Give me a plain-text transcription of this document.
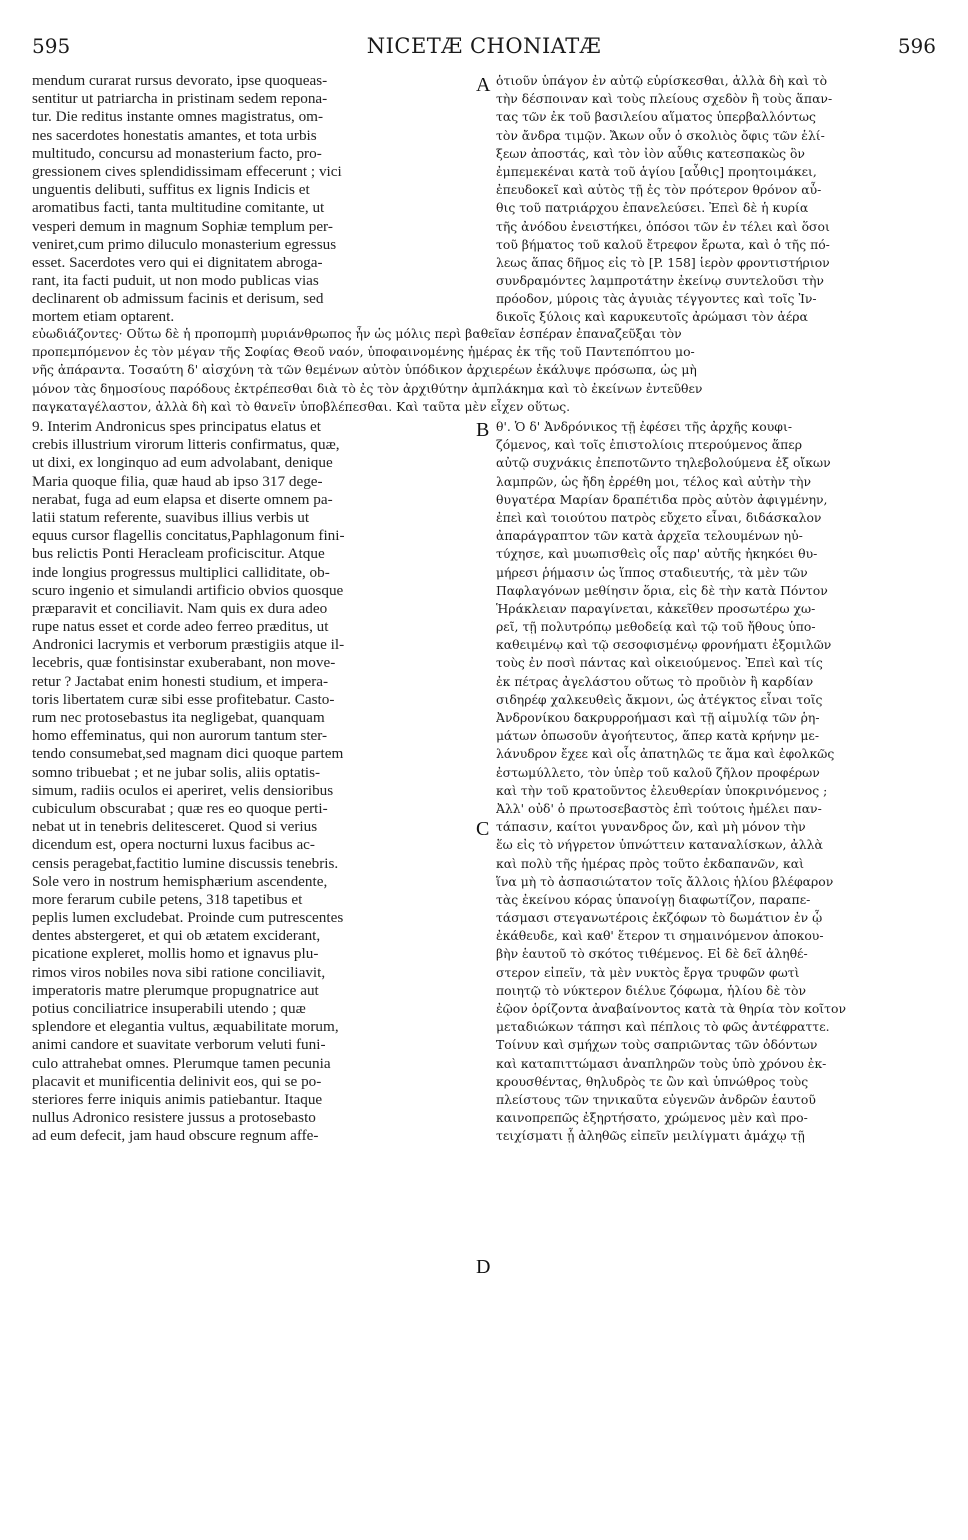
595	NICETÆ CHONIATÆ	596
mendum curarat rursus devorato, ipse quoqueas-
sentitur ut patriarcha in pristinam sedem repona-
tur. Die reditus instante omnes magistratus, om-
nes sacerdotes honestatis amantes, et tota urbis
multitudo, concursu ad monasterium facto, pro-
gressionem cives splendidissimam effecerunt ; vici
unguentis delibuti, suffitus ex lignis Indicis et
aromatibus facti, tanta multitudine comitante, ut
vesperi demum in magnum Sophiæ templum per-
veniret,cum primo diluculo monasterium egressus
esset. Sacerdotes vero qui ei dignitatem abroga-
rant, ita facti puduit, ut non modo publicas vias
declinarent ob admissum facinis et derisum, sed
mortem etiam optarent.
ὁτιοῦν ὑπάγον ἐν αὐτῷ εὑρίσκεσθαι, ἀλλὰ δὴ καὶ τὸ
τὴν δέσποιναν καὶ τοὺς πλείους σχεδὸν ἢ τοὺς ἅπαν-
τας τῶν ἐκ τοῦ βασιλείου αἵματος ὑπερβαλλόντως
τὸν ἄνδρα τιμῷν. Ἄκων οὖν ὁ σκολιὸς ὄφις τῶν ἑλί-
ξεων ἀποστάς, καὶ τὸν ἰὸν αὖθις κατεσπακὼς ὃν
ἐμπεμεκέναι κατὰ τοῦ ἁγίου [αὖθις] προητοιμάκει,
ἐπευδοκεῖ καὶ αὐτὸς τῇ ἐς τὸν πρότερον θρόνον αὖ-
θις τοῦ πατριάρχου ἐπανελεύσει. Ἐπεὶ δὲ ἡ κυρία
τῆς ἀνόδου ἐνειστήκει, ὁπόσοι τῶν ἐν τέλει καὶ ὅσοι
τοῦ βήματος τοῦ καλοῦ ἔτρεφον ἔρωτα, καὶ ὁ τῆς πό-
λεως ἅπας δῆμος εἰς τὸ [P. 158] ἱερὸν φροντιστήριον
συνδραμόντες λαμπροτάτην ἐκείνῳ συντελοῦσι τὴν
πρόοδον, μύροις τὰς ἀγυιὰς τέγγοντες καὶ τοῖς Ἰν-
δικοῖς ξύλοις καὶ καρυκευτοῖς ἀρώμασι τὸν ἀέρα
εὐωδιάζοντες· Οὕτω δὲ ἡ προπομπὴ μυριάνθρωπος ἦν ὡς μόλις περὶ βαθεῖαν ἑσπέραν ἐπαναζεῦξαι τὸν
προπεμπόμενον ἐς τὸν μέγαν τῆς Σοφίας Θεοῦ ναόν, ὑποφαινομένης ἡμέρας ἐκ τῆς τοῦ Παντεπόπτου μο-
νῆς ἀπάραντα. Τοσαύτη δ' αἰσχύνη τὰ τῶν θεμένων αὐτὸν ὑπόδικον ἀρχιερέων ἐκάλυψε πρόσωπα, ὡς μὴ
μόνον τὰς δημοσίους παρόδους ἐκτρέπεσθαι διὰ τὸ ἐς τὸν ἀρχιθύτην ἀμπλάκημα καὶ τὸ ἐκείνων ἐντεῦθεν
παγκαταγέλαστον, ἀλλὰ δὴ καὶ τὸ θανεῖν ὑποβλέπεσθαι. Καὶ ταῦτα μὲν εἶχεν οὕτως.
9. Interim Andronicus spes principatus elatus et
crebis illustrium virorum litteris confirmatus, quæ,
ut dixi, ex longinquo ad eum advolabant, denique
Maria quoque filia, quæ haud ab ipso 317 dege-
nerabat, fuga ad eum elapsa et diserte omnem pa-
latii statum referente, suavibus illius verbis ut
equus cursor flagellis concitatus,Paphlagonum fini-
bus relictis Ponti Heracleam proficiscitur. Atque
inde longius progressus multiplici calliditate, ob-
scuro ingenio et simulandi artificio obvios quosque
præparavit et conciliavit. Nam quis ex dura adeo
rupe natus esset et corde adeo ferreo præditus, ut
Andronici lacrymis et verborum præstigiis atque il-
lecebris, quæ fontisinstar exuberabant, non move-
retur ? Jactabat enim honesti studium, et impera-
toris libertatem curæ sibi esse profitebatur. Casto-
rum nec protosebastus ita negligebat, quanquam
homo effeminatus, qui non aurorum tantum ster-
tendo consumebat,sed magnam dici quoque partem
somno tribuebat ; et ne jubar solis, aliis optatis-
simum, radiis oculos ei aperiret, velis densioribus
cubiculum obscurabat ; quæ res eo quoque perti-
nebat ut in tenebris delitesceret. Quod si verius
dicendum est, opera nocturni luxus facibus ac-
censis peragebat,factitio lumine discussis tenebris.
Sole vero in nostrum hemisphærium ascendente,
more ferarum cubile petens, 318 tapetibus et
peplis lumen excludebat. Proinde cum putrescentes
dentes abstergeret, et qui ob ætatem exciderant,
picatione expleret, mollis homo et ignavus plu-
rimos viros nobiles nova sibi ratione conciliavit,
imperatoris matre plerumque propugnatrice aut
potius conciliatrice insuperabili utendo ; quæ
splendore et elegantia vultus, æquabilitate morum,
animi candore et suavitate verborum veluti funi-
culo attrahebat omnes. Plerumque tamen pecunia
placavit et munificentia delinivit eos, qui se po-
steriores ferre iniquis animis patiebantur. Itaque
nullus Adronico resistere jussus a protosebasto
ad eum defecit, jam haud obscure regnum affe-
θ'. Ὁ δ' Ἀνδρόνικος τῇ ἐφέσει τῆς ἀρχῆς κουφι-
ζόμενος, καὶ τοῖς ἐπιστολίοις πτερούμενος ἅπερ
αὐτῷ συχνάκις ἐπεποτῶντο τηλεβολούμενα ἐξ οἴκων
λαμπρῶν, ὡς ἤδη ἐρρέθη μοι, τέλος καὶ αὐτὴν τὴν
θυγατέρα Μαρίαν δραπέτιδα πρὸς αὐτὸν ἀφιγμένην,
ἐπεὶ καὶ τοιούτου πατρὸς εὔχετο εἶναι, διδάσκαλον
ἀπαράγραπτον τῶν κατὰ ἀρχεῖα τελουμένων ηὐ-
τύχησε, καὶ μυωπισθεὶς οἷς παρ' αὐτῆς ἠκηκόει θυ-
μήρεσι ῥήμασιν ὡς ἵππος σταδιευτής, τὰ μὲν τῶν
Παφλαγόνων μεθίησιν ὅρια, εἰς δὲ τὴν κατὰ Πόντον
Ἡράκλειαν παραγίνεται, κἀκεῖθεν προσωτέρω χω-
ρεῖ, τῇ πολυτρόπῳ μεθοδείᾳ καὶ τῷ τοῦ ἤθους ὑπο-
καθειμένῳ καὶ τῷ σεσοφισμένῳ φρονήματι ἐξομιλῶν
τοὺς ἐν ποσὶ πάντας καὶ οἰκειούμενος. Ἐπεὶ καὶ τίς
ἐκ πέτρας ἀγελάστου οὕτως τὸ προῦιὸν ἢ καρδίαν
σιδηρέφ χαλκευθεὶς ἄκμονι, ὡς ἀτέγκτος εἶναι τοῖς
Ἀνδρονίκου δακρυρροήμασι καὶ τῇ αἱμυλίᾳ τῶν ῥη-
μάτων ὁπωσοῦν ἀγοήτευτος, ἅπερ κατὰ κρήνην με-
λάνυδρον ἔχεε καὶ οἷς ἀπατηλῶς τε ἅμα καὶ ἐφολκῶς
ἐστωμύλλετο, τὸν ὑπὲρ τοῦ καλοῦ ζῆλον προφέρων
καὶ τὴν τοῦ κρατοῦντος ἐλευθερίαν ὑποκρινόμενος ;
Ἀλλ' οὐδ' ὁ πρωτοσεβαστὸς ἐπὶ τούτοις ἠμέλει παν-
τάπασιν, καίτοι γυνανδρος ὤν, καὶ μὴ μόνον τὴν
ἕω εἰς τὸ νήγρετον ὑπνώττειν καταναλίσκων, ἀλλὰ
καὶ πολὺ τῆς ἡμέρας πρὸς τοῦτο ἐκδαπανῶν, καὶ
ἵνα μὴ τὸ ἀσπασιώτατον τοῖς ἄλλοις ἡλίου βλέφαρον
τὰς ἐκείνου κόρας ὑπανοίγῃ διαφωτίζον, παραπε-
τάσμασι στεγανωτέροις ἐκζόφων τὸ δωμάτιον ἐν ᾧ
ἐκάθευδε, καὶ καθ' ἕτερον τι σημαινόμενον ἀποκου-
βὴν ἑαυτοῦ τὸ σκότος τιθέμενος. Εἰ δὲ δεῖ ἀληθέ-
στερον εἰπεῖν, τὰ μὲν νυκτὸς ἔργα τρυφῶν φωτὶ
ποιητῷ τὸ νύκτερον διέλυε ζόφωμα, ἡλίου δὲ τὸν
ἐῷον ὁρίζοντα ἀναβαίνοντος κατὰ τὰ θηρία τὸν κοῖτον
μεταδιώκων τάπησι καὶ πέπλοις τὸ φῶς ἀντέφραττε.
Τοίνυν καὶ σμήχων τοὺς σαπριῶντας τῶν ὀδόντων
καὶ καταπιττώμασι ἀναπληρῶν τοὺς ὑπὸ χρόνου ἐκ-
κρουσθέντας, θηλυδρὸς τε ὢν καὶ ὑπνώθρος τοὺς
πλείστους τῶν τηνικαῦτα εὐγενῶν ἀνδρῶν ἑαυτοῦ
καινοπρεπῶς ἐξηρτήσατο, χρώμενος μὲν καὶ προ-
τειχίσματι ᾗ ἀληθῶς εἰπεῖν μειλίγματι ἀμάχῳ τῇ
A
B
C
D
